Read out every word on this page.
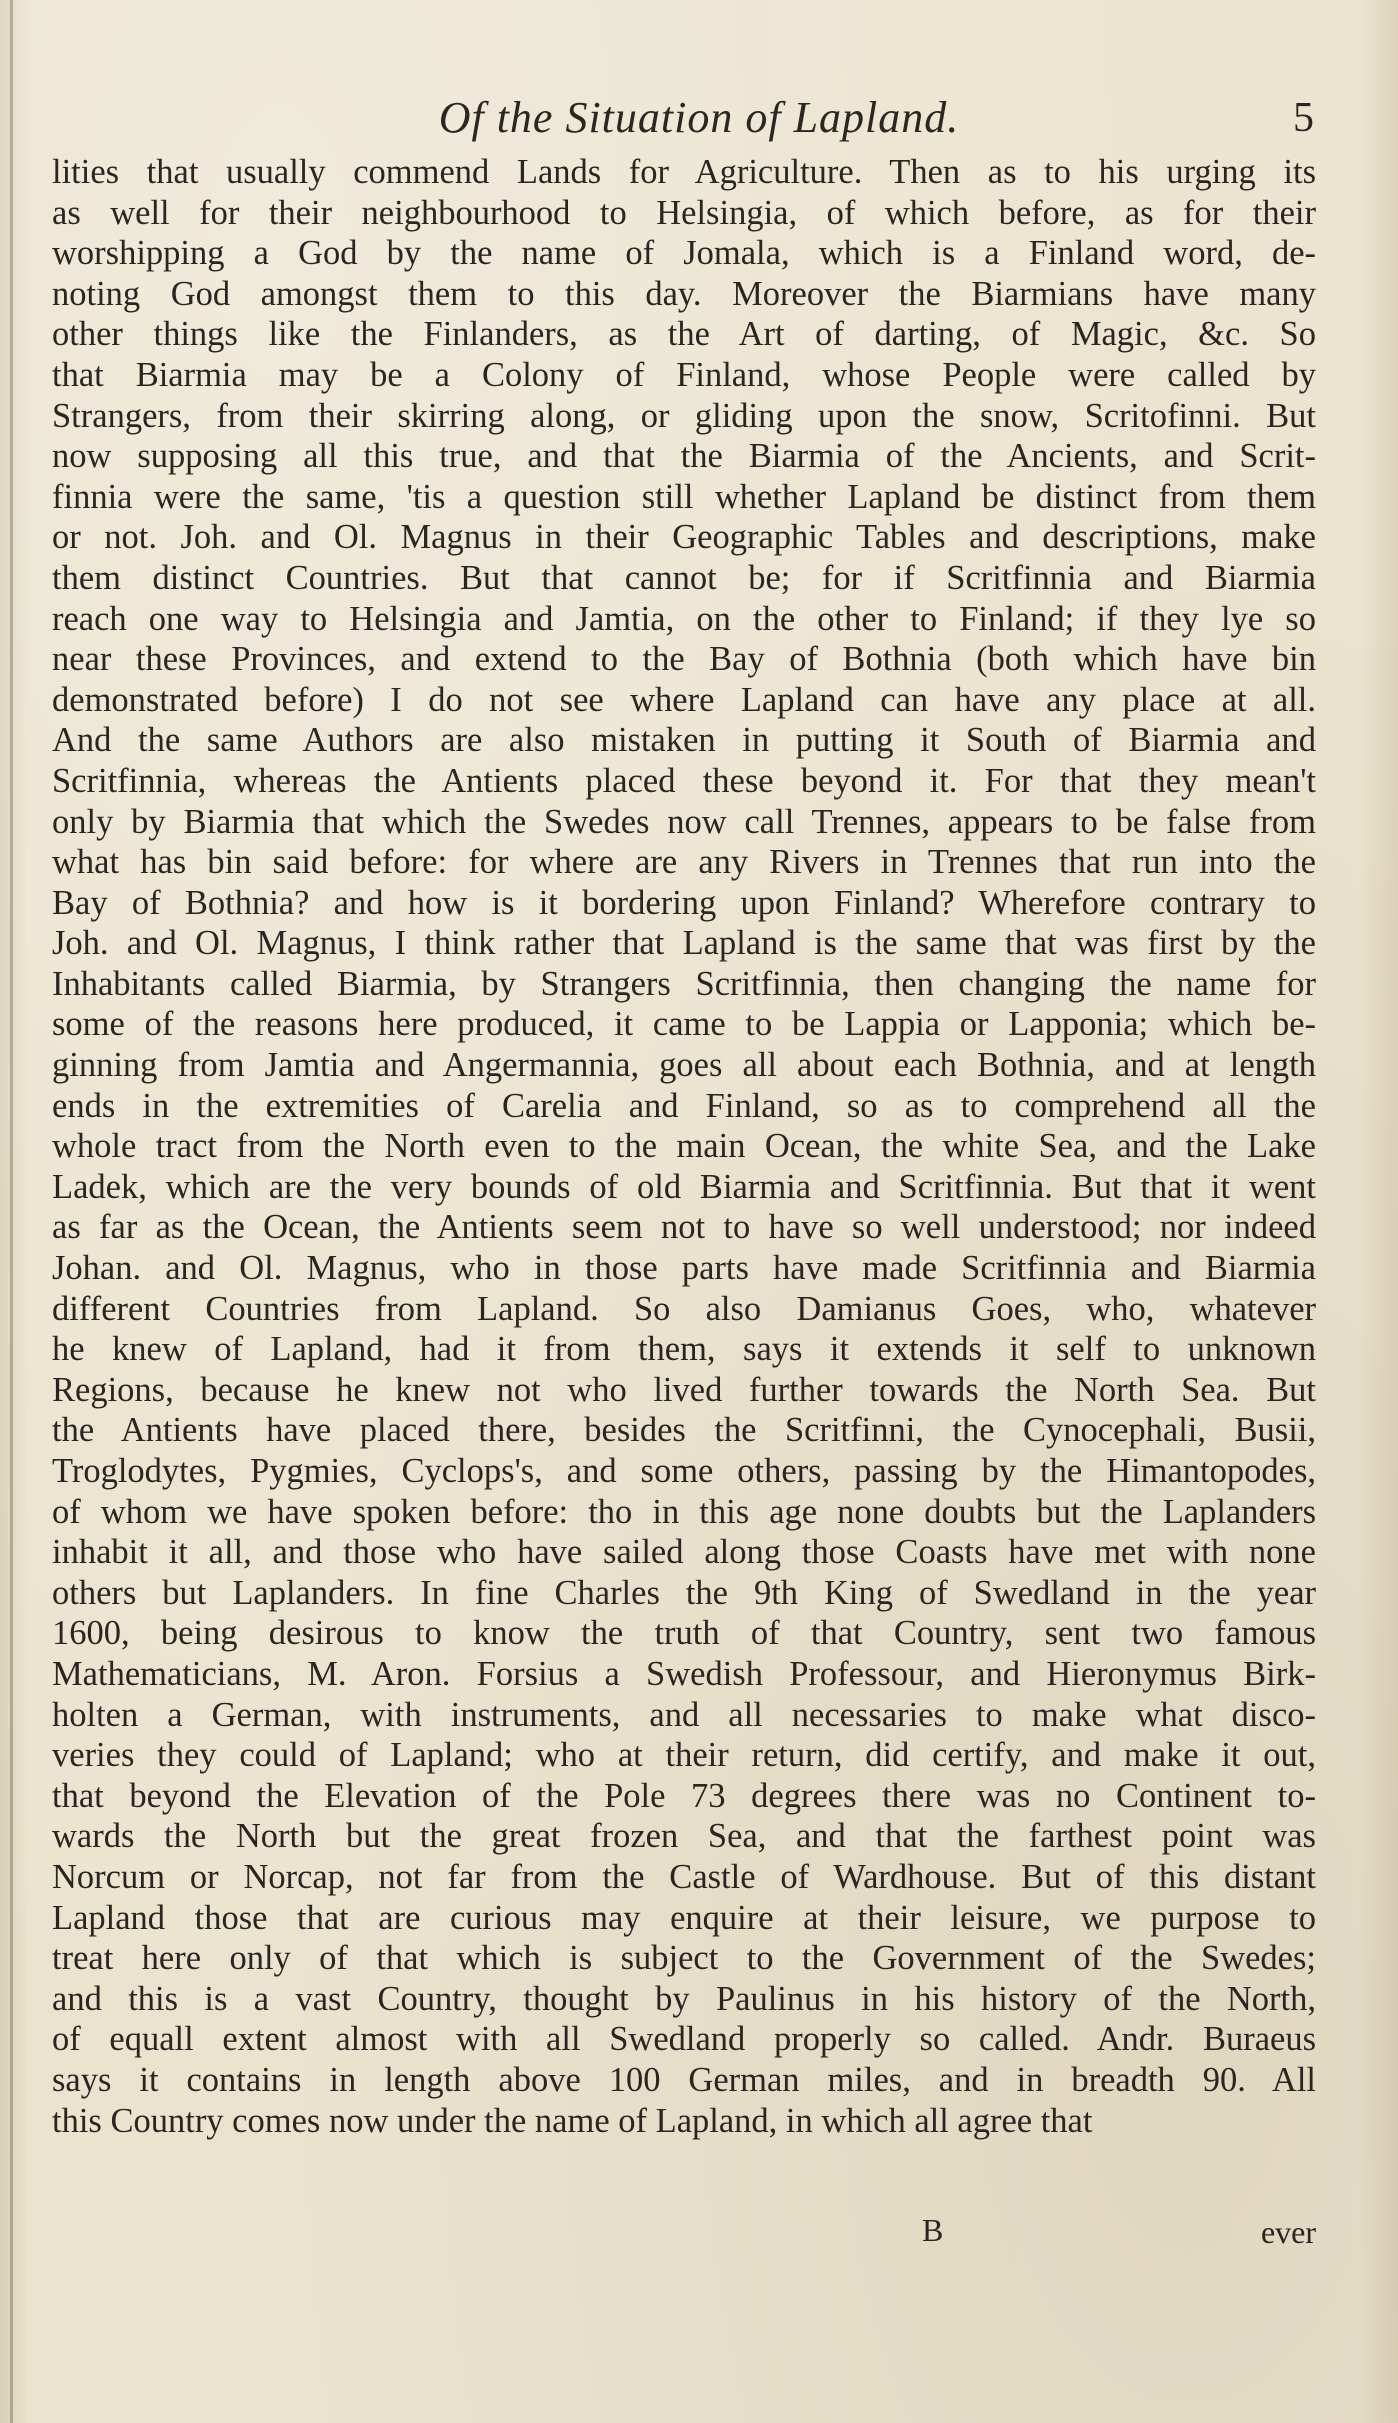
Of the Situation of Lapland.	5
lities that usually commend Lands for Agriculture. Then as to his urging its
as well for their neighbourhood to Helsingia, of which before, as for their
worshipping a God by the name of Jomala, which is a Finland word, de-
noting God amongst them to this day. Moreover the Biarmians have many
other things like the Finlanders, as the Art of darting, of Magic, &c. So
that Biarmia may be a Colony of Finland, whose People were called by
Strangers, from their skirring along, or gliding upon the snow, Scritofinni. But
now supposing all this true, and that the Biarmia of the Ancients, and Scrit-
finnia were the same, 'tis a question still whether Lapland be distinct from them
or not. Joh. and Ol. Magnus in their Geographic Tables and descriptions, make
them distinct Countries. But that cannot be; for if Scritfinnia and Biarmia
reach one way to Helsingia and Jamtia, on the other to Finland; if they lye so
near these Provinces, and extend to the Bay of Bothnia (both which have bin
demonstrated before) I do not see where Lapland can have any place at all.
And the same Authors are also mistaken in putting it South of Biarmia and
Scritfinnia, whereas the Antients placed these beyond it. For that they mean't
only by Biarmia that which the Swedes now call Trennes, appears to be false from
what has bin said before: for where are any Rivers in Trennes that run into the
Bay of Bothnia? and how is it bordering upon Finland? Wherefore contrary to
Joh. and Ol. Magnus, I think rather that Lapland is the same that was first by the
Inhabitants called Biarmia, by Strangers Scritfinnia, then changing the name for
some of the reasons here produced, it came to be Lappia or Lapponia; which be-
ginning from Jamtia and Angermannia, goes all about each Bothnia, and at length
ends in the extremities of Carelia and Finland, so as to comprehend all the
whole tract from the North even to the main Ocean, the white Sea, and the Lake
Ladek, which are the very bounds of old Biarmia and Scritfinnia. But that it went
as far as the Ocean, the Antients seem not to have so well understood; nor indeed
Johan. and Ol. Magnus, who in those parts have made Scritfinnia and Biarmia
different Countries from Lapland. So also Damianus Goes, who, whatever
he knew of Lapland, had it from them, says it extends it self to unknown
Regions, because he knew not who lived further towards the North Sea. But
the Antients have placed there, besides the Scritfinni, the Cynocephali, Busii,
Troglodytes, Pygmies, Cyclops's, and some others, passing by the Himantopodes,
of whom we have spoken before: tho in this age none doubts but the Laplanders
inhabit it all, and those who have sailed along those Coasts have met with none
others but Laplanders. In fine Charles the 9th King of Swedland in the year
1600, being desirous to know the truth of that Country, sent two famous
Mathematicians, M. Aron. Forsius a Swedish Professour, and Hieronymus Birk-
holten a German, with instruments, and all necessaries to make what disco-
veries they could of Lapland; who at their return, did certify, and make it out,
that beyond the Elevation of the Pole 73 degrees there was no Continent to-
wards the North but the great frozen Sea, and that the farthest point was
Norcum or Norcap, not far from the Castle of Wardhouse. But of this distant
Lapland those that are curious may enquire at their leisure, we purpose to
treat here only of that which is subject to the Government of the Swedes;
and this is a vast Country, thought by Paulinus in his history of the North,
of equall extent almost with all Swedland properly so called. Andr. Buraeus
says it contains in length above 100 German miles, and in breadth 90. All
this Country comes now under the name of Lapland, in which all agree that
B	ever
